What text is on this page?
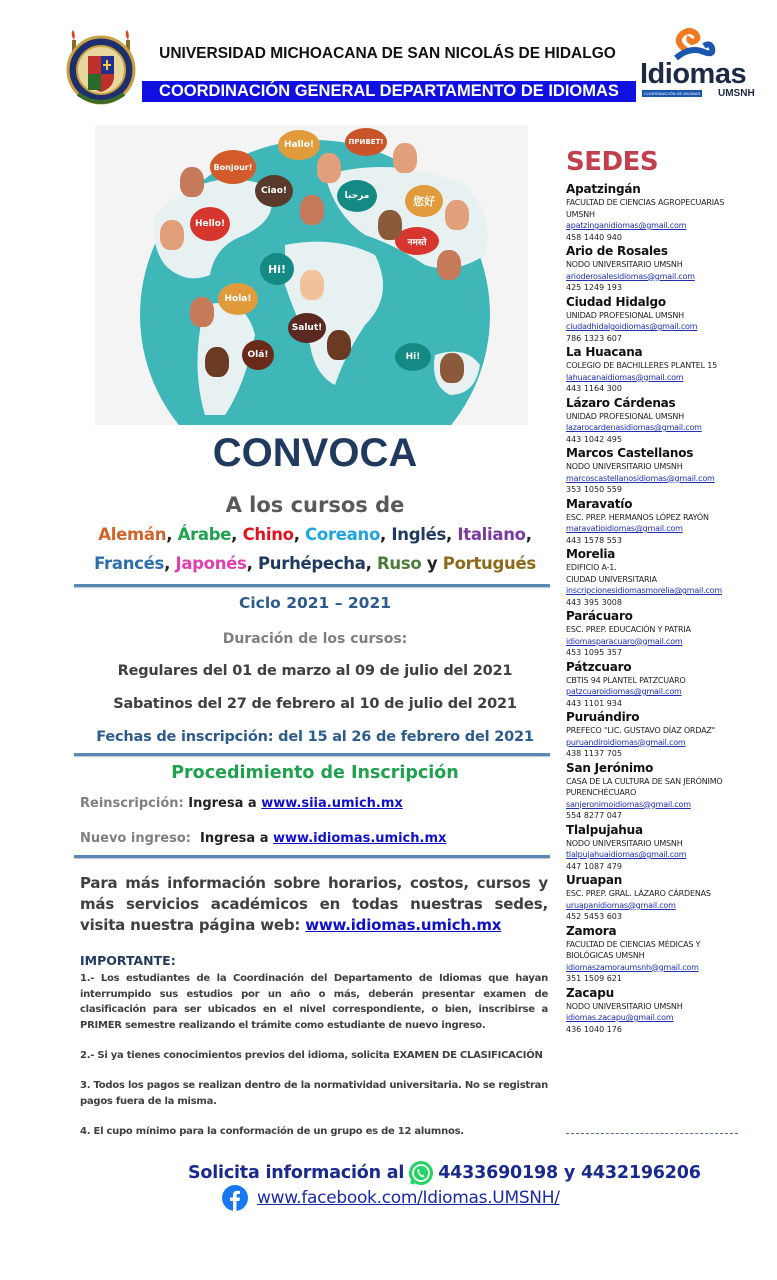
UNIVERSIDAD MICHOACANA DE SAN NICOLÁS DE HIDALGO
COORDINACIÓN GENERAL DEPARTAMENTO DE IDIOMAS
Idiomas
COORDINACIÓN DE IDIOMAS UMSNH
Hallo!	ПРИВЕТ!
Bonjour!
Ciao!	مرحبا	您好
Hello!
नमस्ते
Hi!
Hola!
Salut!
Olá!	Hi!
CONVOCA
A los cursos de
Alemán, Árabe, Chino, Coreano, Inglés, Italiano,
Francés, Japonés, Purhépecha, Ruso y Portugués
Ciclo 2021 – 2021
Duración de los cursos:
Regulares del 01 de marzo al 09 de julio del 2021
Sabatinos del 27 de febrero al 10 de julio del 2021
Fechas de inscripción: del 15 al 26 de febrero del 2021
Procedimiento de Inscripción
Reinscripción: Ingresa a www.siia.umich.mx
Nuevo ingreso:  Ingresa a www.idiomas.umich.mx
Para más información sobre horarios, costos, cursos y más servicios académicos en todas nuestras sedes, visita nuestra página web: www.idiomas.umich.mx
IMPORTANTE:
1.- Los estudiantes de la Coordinación del Departamento de Idiomas que hayan interrumpido sus estudios por un año o más, deberán presentar examen de clasificación para ser ubicados en el nivel correspondiente, o bien, inscribirse a PRIMER semestre realizando el trámite como estudiante de nuevo ingreso.
2.- Si ya tienes conocimientos previos del idioma, solicita EXAMEN DE CLASIFICACIÓN
3. Todos los pagos se realizan dentro de la normatividad universitaria. No se registran pagos fuera de la misma.
4. El cupo mínimo para la conformación de un grupo es de 12 alumnos.
Solicita información al 4433690198 y 4432196206
www.facebook.com/Idiomas.UMSNH/
SEDES
Apatzingán
FACULTAD DE CIENCIAS AGROPECUARIAS
UMSNH
apatzinganidiomas@gmail.com
458 1440 940
Ario de Rosales
NODO UNIVERSITARIO UMSNH
arioderosalesidiomas@gmail.com
425 1249 193
Ciudad Hidalgo
UNIDAD PROFESIONAL UMSNH
ciudadhidalgoidiomas@gmail.com
786 1323 607
La Huacana
COLEGIO DE BACHILLERES PLANTEL 15
lahuacanaidiomas@gmail.com
443 1164 300
Lázaro Cárdenas
UNIDAD PROFESIONAL UMSNH
lazarocardenasidiomas@gmail.com
443 1042 495
Marcos Castellanos
NODO UNIVERSITARIO UMSNH
marcoscastellanosidiomas@gmail.com
353 1050 559
Maravatío
ESC. PREP. HERMANOS LÓPEZ RAYÓN
maravatioidiomas@gmail.com
443 1578 553
Morelia
EDIFICIO A-1.
CIUDAD UNIVERSITARIA
inscripcionesidiomasmorelia@gmail.com
443 395 3008
Parácuaro
ESC. PREP. EDUCACIÓN Y PATRIA
idiomasparacuaro@gmail.com
453 1095 357
Pátzcuaro
CBTIS 94 PLANTEL PATZCUARO
patzcuaroidiomas@gmail.com
443 1101 934
Puruándiro
PREFECO "LIC. GUSTAVO DÍAZ ORDAZ"
puruandiroidiomas@gmail.com
438 1137 705
San Jerónimo
CASA DE LA CULTURA DE SAN JERÓNIMO
PURENCHÉCUARO
sanjeronimoidiomas@gmail.com
554 8277 047
Tlalpujahua
NODO UNIVERSITARIO UMSNH
tlalpujahuaidiomas@gmail.com
447 1087 479
Uruapan
ESC. PREP. GRAL. LÁZARO CÁRDENAS
uruapanidiomas@gmail.com
452 5453 603
Zamora
FACULTAD DE CIENCIAS MÉDICAS Y
BIOLÓGICAS UMSNH
idiomaszamoraumsnh@gmail.com
351 1509 621
Zacapu
NODO UNIVERSITARIO UMSNH
idiomas.zacapu@gmail.com
436 1040 176
